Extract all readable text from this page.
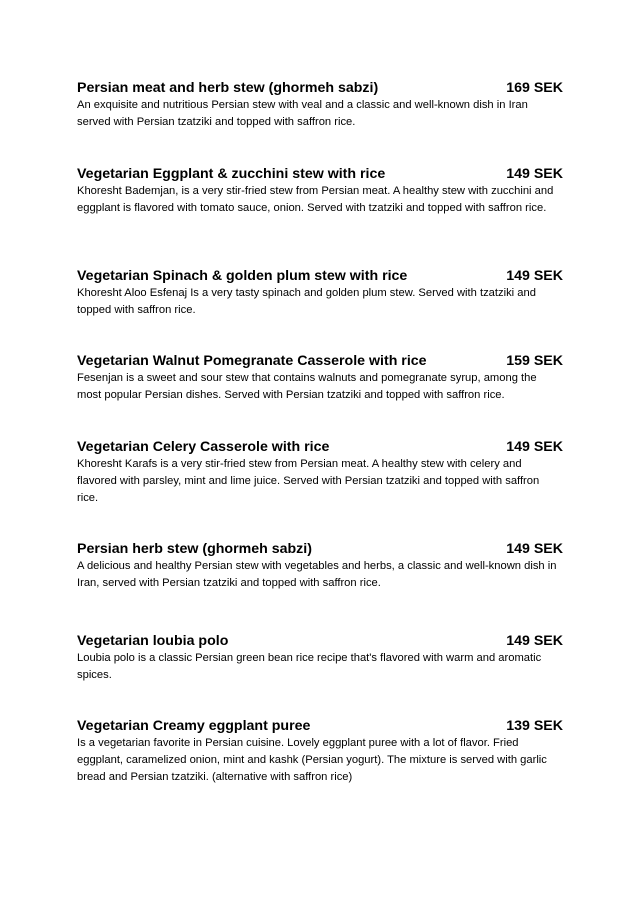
Persian meat and herb stew (ghormeh sabzi)	169 SEK

An exquisite and nutritious Persian stew with veal and a classic and well-known dish in Iran served with Persian tzatziki and topped with saffron rice.

Vegetarian Eggplant & zucchini stew with rice	149 SEK

Khoresht Bademjan, is a very stir-fried stew from Persian meat. A healthy stew with zucchini and eggplant is flavored with tomato sauce, onion. Served with tzatziki and topped with saffron rice.

Vegetarian Spinach & golden plum stew with rice	149 SEK

Khoresht Aloo Esfenaj Is a very tasty spinach and golden plum stew. Served with tzatziki and topped with saffron rice.

Vegetarian Walnut Pomegranate Casserole with rice	159 SEK

Fesenjan is a sweet and sour stew that contains walnuts and pomegranate syrup, among the most popular Persian dishes. Served with Persian tzatziki and topped with saffron rice.

Vegetarian Celery Casserole with rice	149 SEK

Khoresht Karafs is a very stir-fried stew from Persian meat. A healthy stew with celery and flavored with parsley, mint and lime juice. Served with Persian tzatziki and topped with saffron rice.

Persian herb stew (ghormeh sabzi)	149 SEK

A delicious and healthy Persian stew with vegetables and herbs, a classic and well-known dish in Iran, served with Persian tzatziki and topped with saffron rice.

Vegetarian loubia polo	149 SEK

Loubia polo is a classic Persian green bean rice recipe that's flavored with warm and aromatic spices.

Vegetarian Creamy eggplant puree	139 SEK

Is a vegetarian favorite in Persian cuisine. Lovely eggplant puree with a lot of flavor. Fried eggplant, caramelized onion, mint and kashk (Persian yogurt). The mixture is served with garlic bread and Persian tzatziki. (alternative with saffron rice)
